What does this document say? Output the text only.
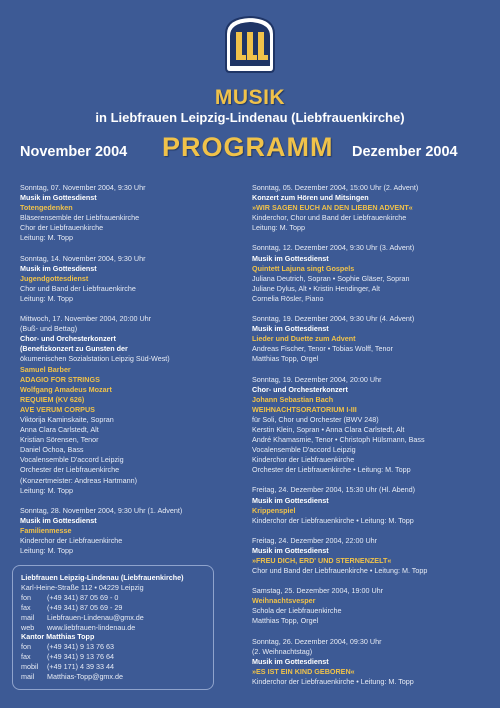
MUSIK
in Liebfrauen Leipzig-Lindenau (Liebfrauenkirche)
November 2004 PROGRAMM Dezember 2004
Sonntag, 07. November 2004, 9:30 Uhr
Musik im Gottesdienst
Totengedenken
Bläserensemble der Liebfrauenkirche
Chor der Liebfrauenkirche
Leitung: M. Topp
Sonntag, 14. November 2004, 9:30 Uhr
Musik im Gottesdienst
Jugendgottesdienst
Chor und Band der Liebfrauenkirche
Leitung: M. Topp
Mittwoch, 17. November 2004, 20:00 Uhr
(Buß- und Bettag)
Chor- und Orchesterkonzert
(Benefizkonzert zu Gunsten der
ökumenischen Sozialstation Leipzig Süd-West)
Samuel Barber
ADAGIO FOR STRINGS
Wolfgang Amadeus Mozart
REQUIEM (KV 626)
AVE VERUM CORPUS
Viktorija Kaminskaite, Sopran
Anna Clara Carlstedt, Alt
Kristian Sörensen, Tenor
Daniel Ochoa, Bass
Vocalensemble D'accord Leipzig
Orchester der Liebfrauenkirche
(Konzertmeister: Andreas Hartmann)
Leitung: M. Topp
Sonntag, 28. November 2004, 9:30 Uhr (1. Advent)
Musik im Gottesdienst
Familienmesse
Kinderchor der Liebfrauenkirche
Leitung: M. Topp
Sonntag, 05. Dezember 2004, 15:00 Uhr (2. Advent)
Konzert zum Hören und Mitsingen
»WIR SAGEN EUCH AN DEN LIEBEN ADVENT«
Kinderchor, Chor und Band der Liebfrauenkirche
Leitung: M. Topp
Sonntag, 12. Dezember 2004, 9:30 Uhr (3. Advent)
Musik im Gottesdienst
Quintett Lajuna singt Gospels
Juliana Deutrich, Sopran • Sophie Gläser, Sopran
Juliane Dylus, Alt • Kristin Hendinger, Alt
Cornelia Rösler, Piano
Sonntag, 19. Dezember 2004, 9:30 Uhr (4. Advent)
Musik im Gottesdienst
Lieder und Duette zum Advent
Andreas Fischer, Tenor • Tobias Wolff, Tenor
Matthias Topp, Orgel
Sonntag, 19. Dezember 2004, 20:00 Uhr
Chor- und Orchesterkonzert
Johann Sebastian Bach
WEIHNACHTSORATORIUM I-III
für Soli, Chor und Orchester (BWV 248)
Kerstin Klein, Sopran • Anna Clara Carlstedt, Alt
André Khamasmie, Tenor • Christoph Hülsmann, Bass
Vocalensemble D'accord Leipzig
Kinderchor der Liebfrauenkirche
Orchester der Liebfrauenkirche • Leitung: M. Topp
Freitag, 24. Dezember 2004, 15:30 Uhr (Hl. Abend)
Musik im Gottesdienst
Krippenspiel
Kinderchor der Liebfrauenkirche • Leitung: M. Topp
Freitag, 24. Dezember 2004, 22:00 Uhr
Musik im Gottesdienst
»FREU DICH, ERD' UND STERNENZELT«
Chor und Band der Liebfrauenkirche • Leitung: M. Topp
Samstag, 25. Dezember 2004, 19:00 Uhr
Weihnachtsvesper
Schola der Liebfrauenkirche
Matthias Topp, Orgel
Sonntag, 26. Dezember 2004, 09:30 Uhr
(2. Weihnachtstag)
Musik im Gottesdienst
»ES IST EIN KIND GEBOREN«
Kinderchor der Liebfrauenkirche • Leitung: M. Topp
Liebfrauen Leipzig-Lindenau (Liebfrauenkirche)
Karl-Heine-Straße 112 • 04229 Leipzig
fon (+49 341) 87 05 69 - 0
fax (+49 341) 87 05 69 - 29
mail Liebfrauen-Lindenau@gmx.de
web www.liebfrauen-lindenau.de
Kantor Matthias Topp
fon (+49 341) 9 13 76 63
fax (+49 341) 9 13 76 64
mobil (+49 171) 4 39 33 44
mail Matthias-Topp@gmx.de
